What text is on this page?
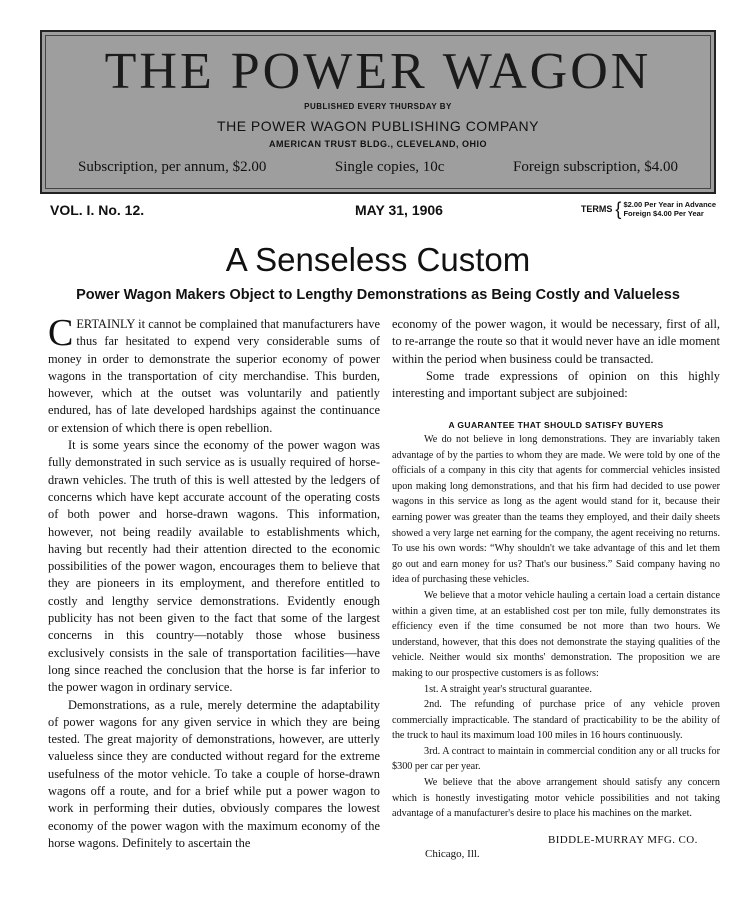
THE POWER WAGON
PUBLISHED EVERY THURSDAY BY
THE POWER WAGON PUBLISHING COMPANY
AMERICAN TRUST BLDG., CLEVELAND, OHIO
Subscription, per annum, $2.00	Single copies, 10c	Foreign subscription, $4.00
VOL. I. No. 12.	MAY 31, 1906	TERMS { $2.00 Per Year in Advance
Foreign $4.00 Per Year
A Senseless Custom
Power Wagon Makers Object to Lengthy Demonstrations as Being Costly and Valueless

CERTAINLY it cannot be complained that manufacturers have thus far hesitated to expend very considerable sums of money in order to demonstrate the superior economy of power wagons in the transportation of city merchandise. This burden, however, which at the outset was voluntarily and patiently endured, has of late developed hardships against the continuance or extension of which there is open rebellion.

It is some years since the economy of the power wagon was fully demonstrated in such service as is usually required of horse-drawn vehicles. The truth of this is well attested by the ledgers of concerns which have kept accurate account of the operating costs of both power and horse-drawn wagons. This information, however, not being readily available to establishments which, having but recently had their attention directed to the economic possibilities of the power wagon, encourages them to believe that they are pioneers in its employment, and therefore entitled to costly and lengthy service demonstrations. Evidently enough publicity has not been given to the fact that some of the largest concerns in this country—notably those whose business exclusively consists in the sale of transportation facilities—have long since reached the conclusion that the horse is far inferior to the power wagon in ordinary service.

Demonstrations, as a rule, merely determine the adaptability of power wagons for any given service in which they are being tested. The great majority of demonstrations, however, are utterly valueless since they are conducted without regard for the extreme usefulness of the motor vehicle. To take a couple of horse-drawn wagons off a route, and for a brief while put a power wagon to work in performing their duties, obviously compares the lowest economy of the power wagon with the maximum economy of the horse wagons. Definitely to ascertain the

economy of the power wagon, it would be necessary, first of all, to re-arrange the route so that it would never have an idle moment within the period when business could be transacted.

Some trade expressions of opinion on this highly interesting and important subject are subjoined:

A GUARANTEE THAT SHOULD SATISFY BUYERS

We do not believe in long demonstrations. They are invariably taken advantage of by the parties to whom they are made. We were told by one of the officials of a company in this city that agents for commercial vehicles insisted upon making long demonstrations, and that his firm had decided to use power wagons in this service as long as the agent would stand for it, because their earning power was greater than the teams they employed, and their daily sheets showed a very large net earning for the company, the agent receiving no returns. To use his own words: “Why shouldn't we take advantage of this and let them go out and earn money for us? That's our business.” Said company having no idea of purchasing these vehicles.

We believe that a motor vehicle hauling a certain load a certain distance within a given time, at an established cost per ton mile, fully demonstrates its efficiency even if the time consumed be not more than two hours. We understand, however, that this does not demonstrate the staying qualities of the vehicle. Neither would six months' demonstration. The proposition we are making to our prospective customers is as follows:

1st. A straight year's structural guarantee.

2nd. The refunding of purchase price of any vehicle proven commercially impracticable. The standard of practicability to be the ability of the truck to haul its maximum load 100 miles in 16 hours continuously.

3rd. A contract to maintain in commercial condition any or all trucks for $300 per car per year.

We believe that the above arrangement should satisfy any concern which is honestly investigating motor vehicle possibilities and not taking advantage of a manufacturer's desire to place his machines on the market.

BIDDLE-MURRAY MFG. CO.
Chicago, Ill.
